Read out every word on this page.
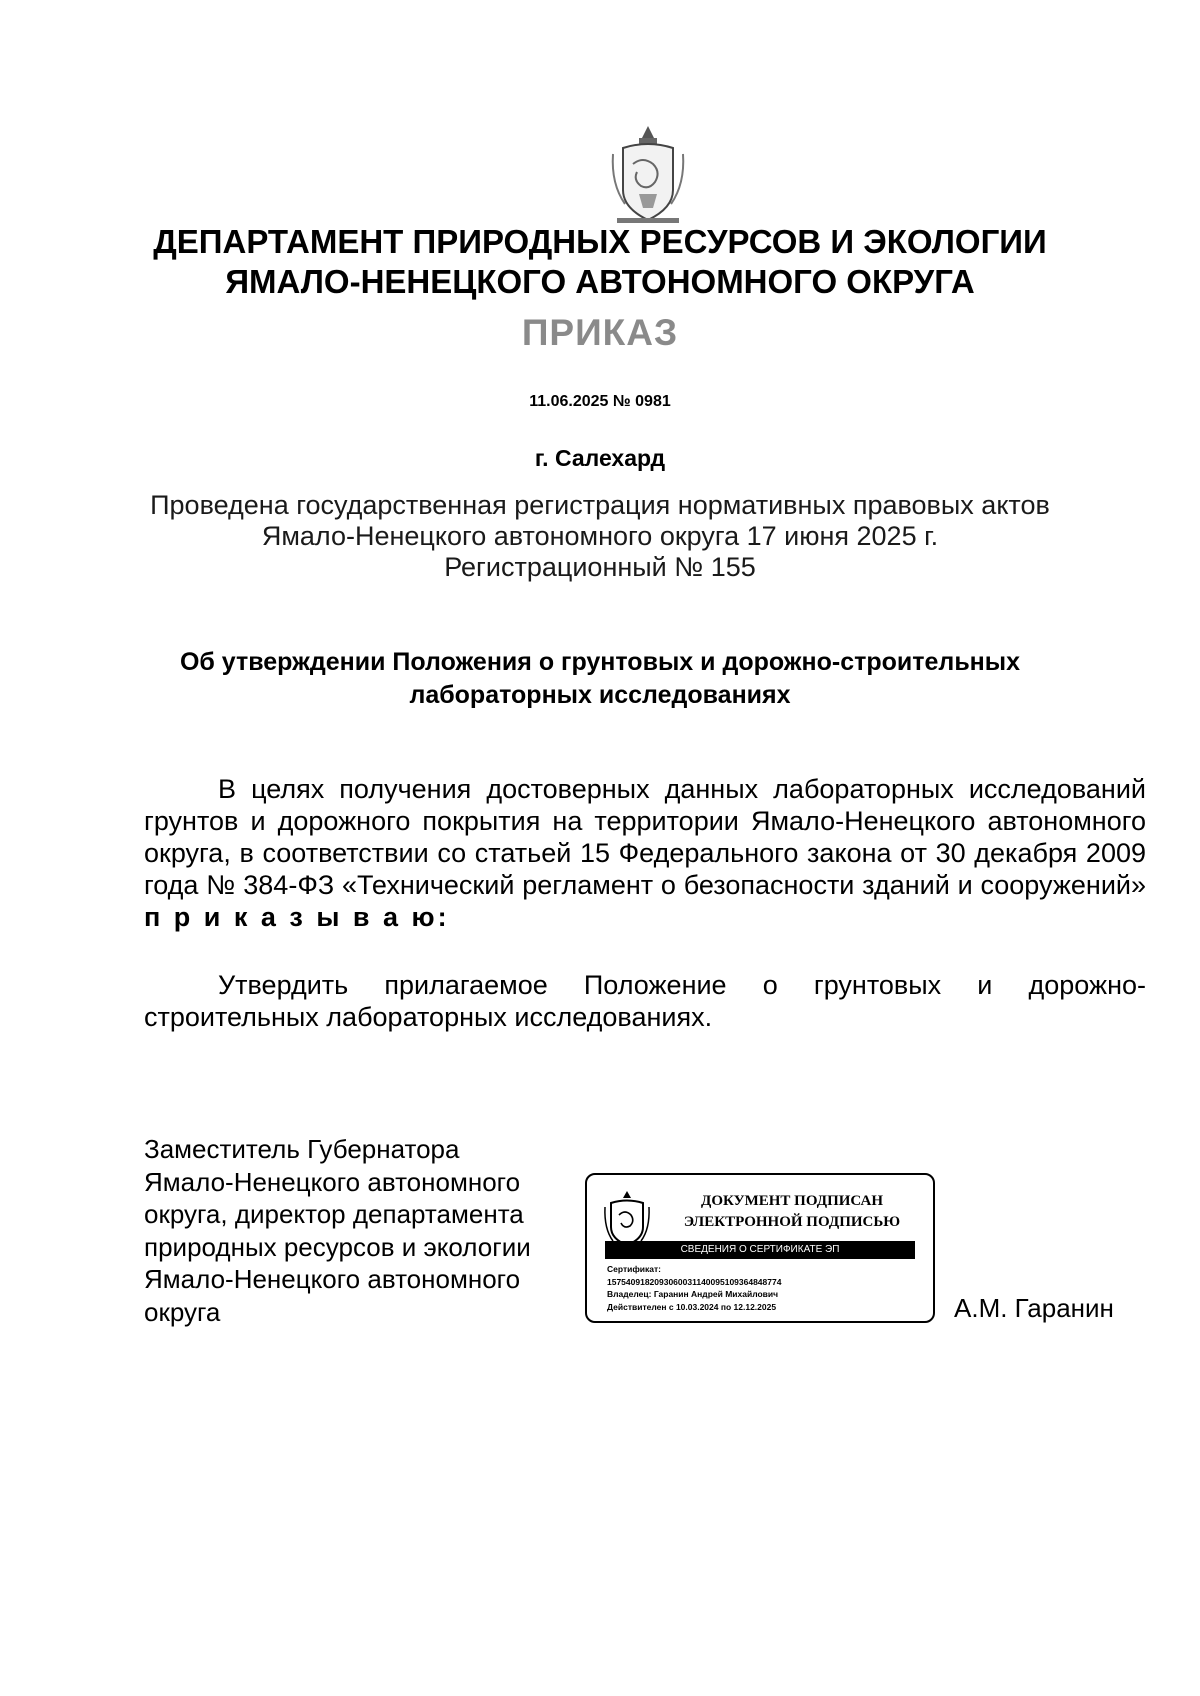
ДЕПАРТАМЕНТ ПРИРОДНЫХ РЕСУРСОВ И ЭКОЛОГИИ
ЯМАЛО-НЕНЕЦКОГО АВТОНОМНОГО ОКРУГА
ПРИКАЗ
11.06.2025 № 0981
г. Салехард
Проведена государственная регистрация нормативных правовых актов
Ямало-Ненецкого автономного округа 17 июня 2025 г.
Регистрационный № 155
Об утверждении Положения о грунтовых и дорожно-строительных
лабораторных исследованиях
В целях получения достоверных данных лабораторных исследований грунтов и дорожного покрытия на территории Ямало-Ненецкого автономного округа, в соответствии со статьей 15 Федерального закона от 30 декабря 2009 года № 384-ФЗ «Технический регламент о безопасности зданий и сооружений» п р и к а з ы в а ю:
Утвердить прилагаемое Положение о грунтовых и дорожно-строительных лабораторных исследованиях.
Заместитель Губернатора
Ямало-Ненецкого автономного
округа, директор департамента
природных ресурсов и экологии
Ямало-Ненецкого автономного
округа
ДОКУМЕНТ ПОДПИСАН
ЭЛЕКТРОННОЙ ПОДПИСЬЮ
СВЕДЕНИЯ О СЕРТИФИКАТЕ ЭП
Сертификат:
1575409182093060031140095109364848774
Владелец: Гаранин Андрей Михайлович
Действителен с 10.03.2024 по 12.12.2025	А.М. Гаранин
